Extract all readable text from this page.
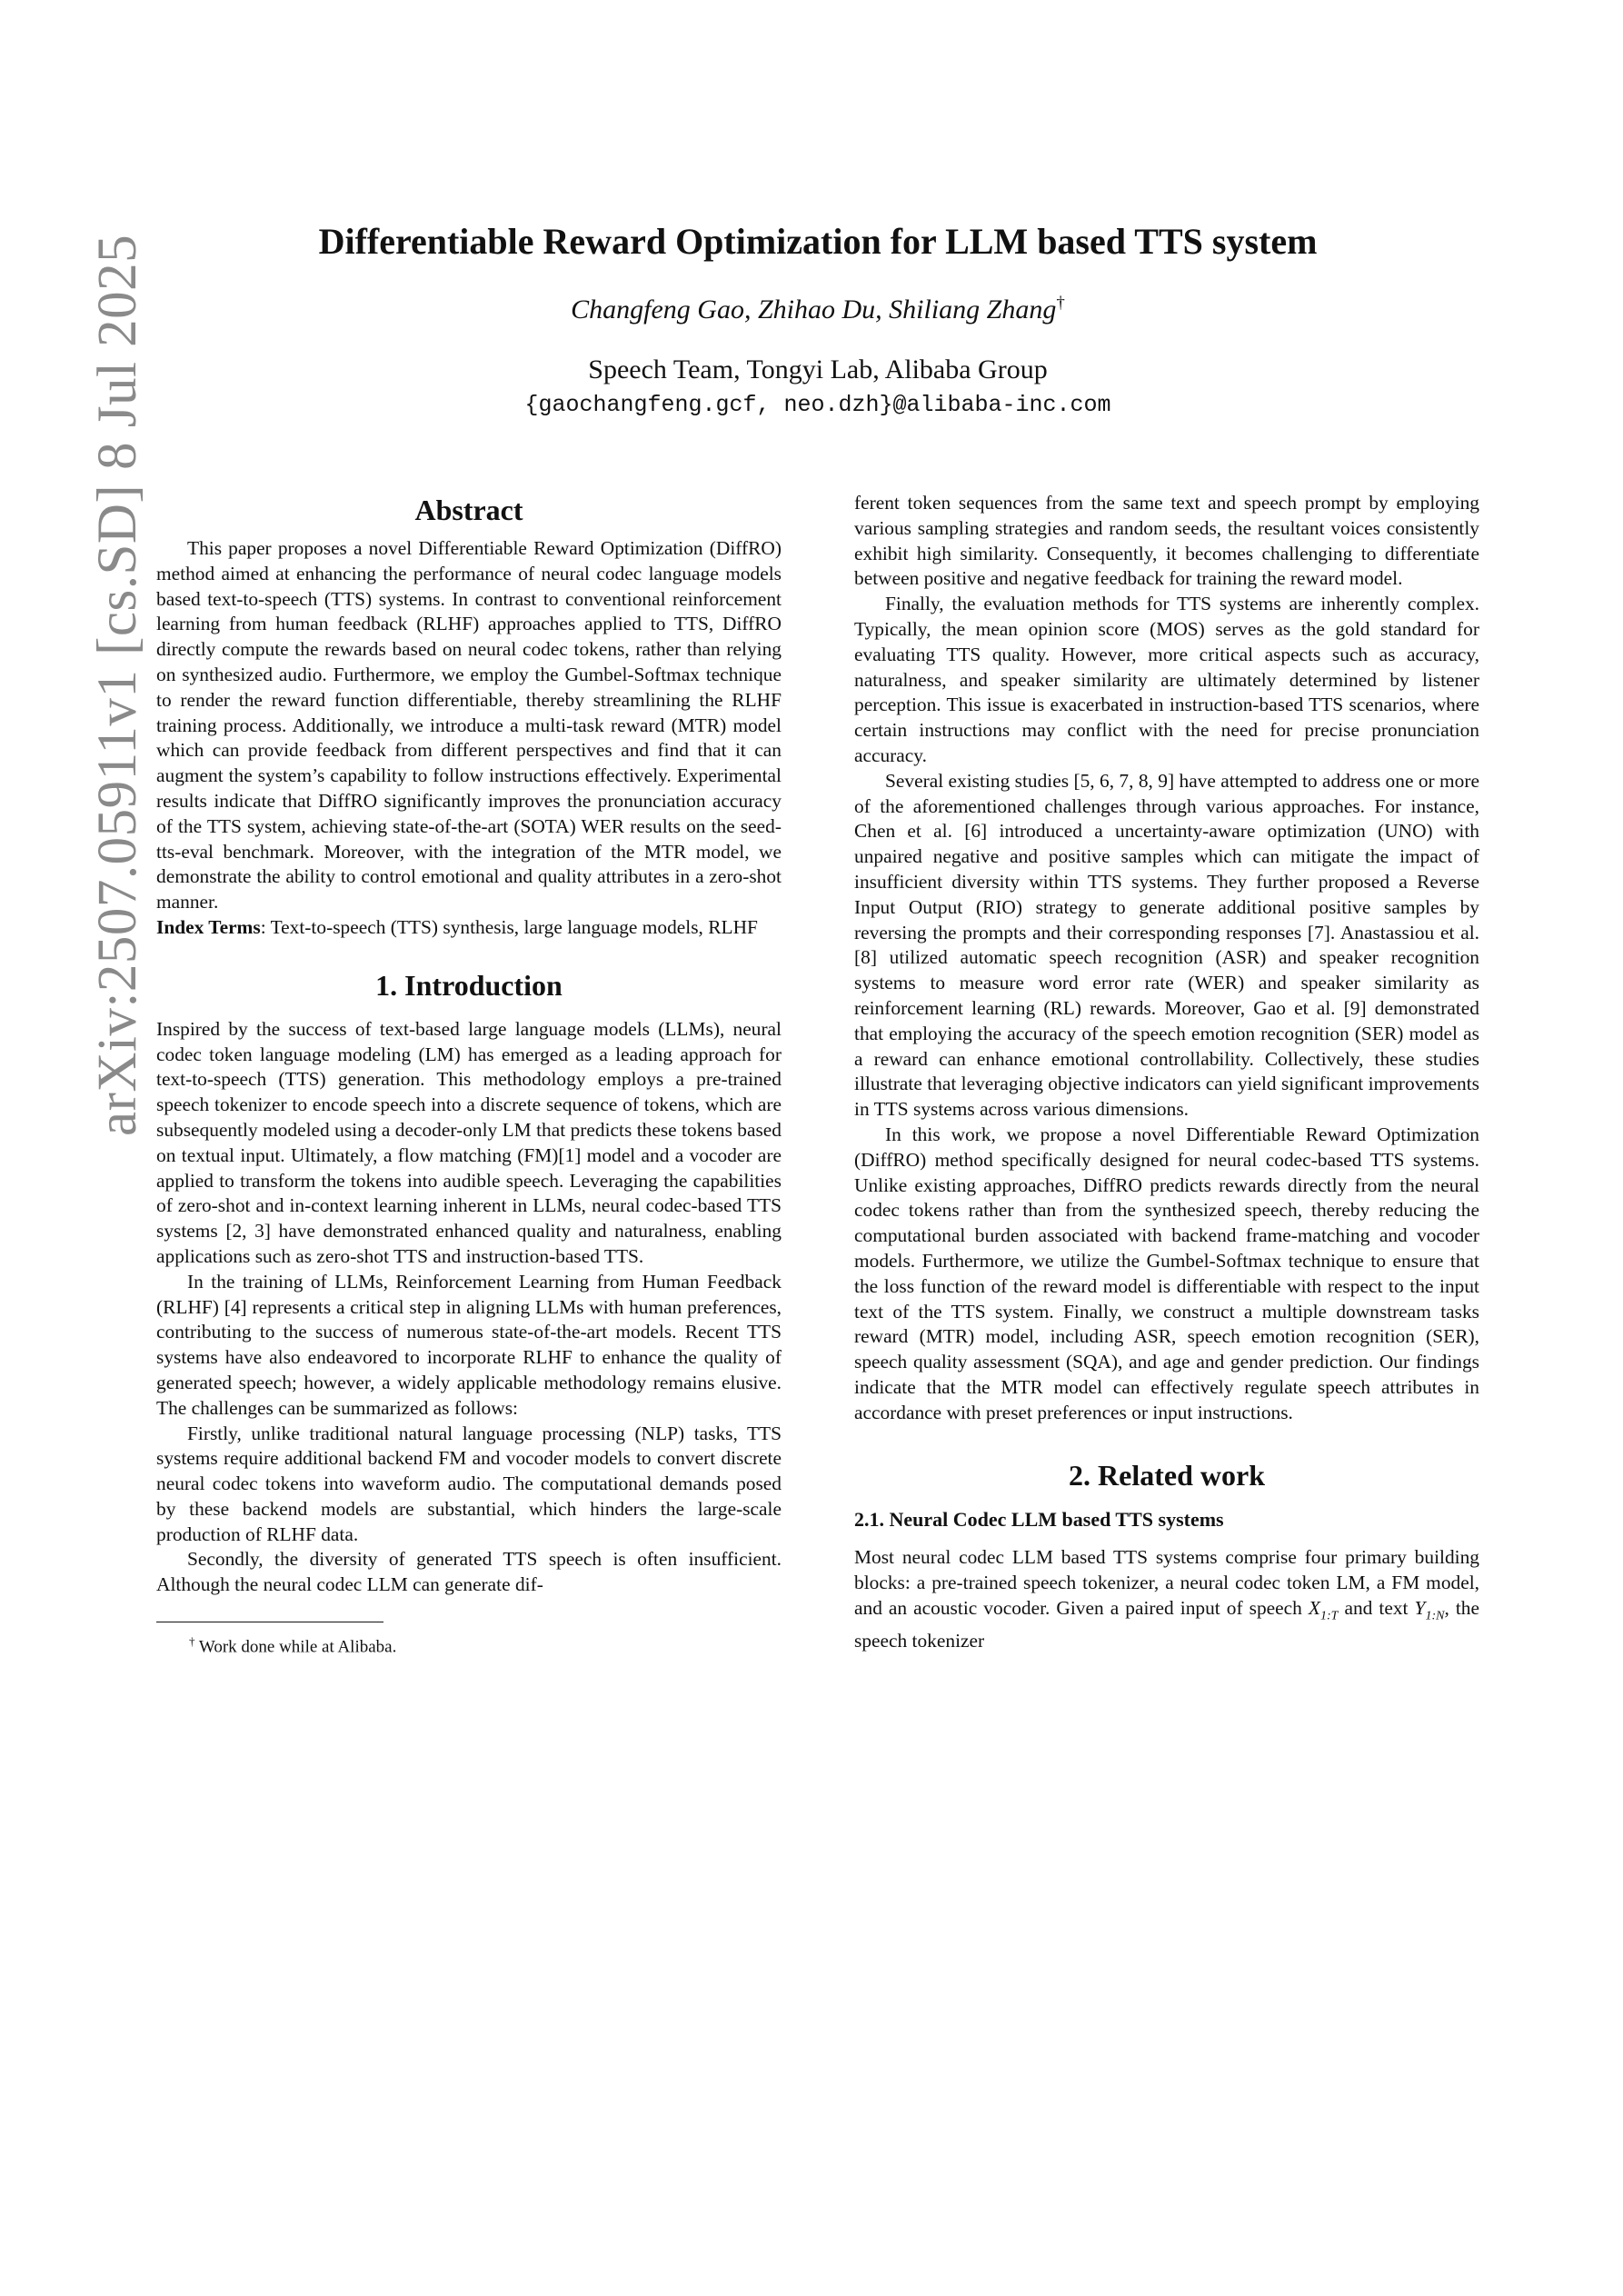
arXiv:2507.05911v1 [cs.SD] 8 Jul 2025	Differentiable Reward Optimization for LLM based TTS system
Changfeng Gao, Zhihao Du, Shiliang Zhang†
Speech Team, Tongyi Lab, Alibaba Group
{gaochangfeng.gcf, neo.dzh}@alibaba-inc.com
Abstract

This paper proposes a novel Differentiable Reward Optimization (DiffRO) method aimed at enhancing the performance of neural codec language models based text-to-speech (TTS) systems. In contrast to conventional reinforcement learning from human feedback (RLHF) approaches applied to TTS, DiffRO directly compute the rewards based on neural codec tokens, rather than relying on synthesized audio. Furthermore, we employ the Gumbel-Softmax technique to render the reward function differentiable, thereby streamlining the RLHF training process. Additionally, we introduce a multi-task reward (MTR) model which can provide feedback from different perspectives and find that it can augment the system’s capability to follow instructions effectively. Experimental results indicate that DiffRO significantly improves the pronunciation accuracy of the TTS system, achieving state-of-the-art (SOTA) WER results on the seed-tts-eval benchmark. Moreover, with the integration of the MTR model, we demonstrate the ability to control emotional and quality attributes in a zero-shot manner.

Index Terms: Text-to-speech (TTS) synthesis, large language models, RLHF

1. Introduction

Inspired by the success of text-based large language models (LLMs), neural codec token language modeling (LM) has emerged as a leading approach for text-to-speech (TTS) generation. This methodology employs a pre-trained speech tokenizer to encode speech into a discrete sequence of tokens, which are subsequently modeled using a decoder-only LM that predicts these tokens based on textual input. Ultimately, a flow matching (FM)[1] model and a vocoder are applied to transform the tokens into audible speech. Leveraging the capabilities of zero-shot and in-context learning inherent in LLMs, neural codec-based TTS systems [2, 3] have demonstrated enhanced quality and naturalness, enabling applications such as zero-shot TTS and instruction-based TTS.

In the training of LLMs, Reinforcement Learning from Human Feedback (RLHF) [4] represents a critical step in aligning LLMs with human preferences, contributing to the success of numerous state-of-the-art models. Recent TTS systems have also endeavored to incorporate RLHF to enhance the quality of generated speech; however, a widely applicable methodology remains elusive. The challenges can be summarized as follows:

Firstly, unlike traditional natural language processing (NLP) tasks, TTS systems require additional backend FM and vocoder models to convert discrete neural codec tokens into waveform audio. The computational demands posed by these backend models are substantial, which hinders the large-scale production of RLHF data.

Secondly, the diversity of generated TTS speech is often insufficient. Although the neural codec LLM can generate dif-

† Work done while at Alibaba.

ferent token sequences from the same text and speech prompt by employing various sampling strategies and random seeds, the resultant voices consistently exhibit high similarity. Consequently, it becomes challenging to differentiate between positive and negative feedback for training the reward model.

Finally, the evaluation methods for TTS systems are inherently complex. Typically, the mean opinion score (MOS) serves as the gold standard for evaluating TTS quality. However, more critical aspects such as accuracy, naturalness, and speaker similarity are ultimately determined by listener perception. This issue is exacerbated in instruction-based TTS scenarios, where certain instructions may conflict with the need for precise pronunciation accuracy.

Several existing studies [5, 6, 7, 8, 9] have attempted to address one or more of the aforementioned challenges through various approaches. For instance, Chen et al. [6] introduced a uncertainty-aware optimization (UNO) with unpaired negative and positive samples which can mitigate the impact of insufficient diversity within TTS systems. They further proposed a Reverse Input Output (RIO) strategy to generate additional positive samples by reversing the prompts and their corresponding responses [7]. Anastassiou et al. [8] utilized automatic speech recognition (ASR) and speaker recognition systems to measure word error rate (WER) and speaker similarity as reinforcement learning (RL) rewards. Moreover, Gao et al. [9] demonstrated that employing the accuracy of the speech emotion recognition (SER) model as a reward can enhance emotional controllability. Collectively, these studies illustrate that leveraging objective indicators can yield significant improvements in TTS systems across various dimensions.

In this work, we propose a novel Differentiable Reward Optimization (DiffRO) method specifically designed for neural codec-based TTS systems. Unlike existing approaches, DiffRO predicts rewards directly from the neural codec tokens rather than from the synthesized speech, thereby reducing the computational burden associated with backend frame-matching and vocoder models. Furthermore, we utilize the Gumbel-Softmax technique to ensure that the loss function of the reward model is differentiable with respect to the input text of the TTS system. Finally, we construct a multiple downstream tasks reward (MTR) model, including ASR, speech emotion recognition (SER), speech quality assessment (SQA), and age and gender prediction. Our findings indicate that the MTR model can effectively regulate speech attributes in accordance with preset preferences or input instructions.

2. Related work
2.1. Neural Codec LLM based TTS systems

Most neural codec LLM based TTS systems comprise four primary building blocks: a pre-trained speech tokenizer, a neural codec token LM, a FM model, and an acoustic vocoder. Given a paired input of speech $X_{1:T}$ and text $Y_{1:N}$, the speech tokenizer
